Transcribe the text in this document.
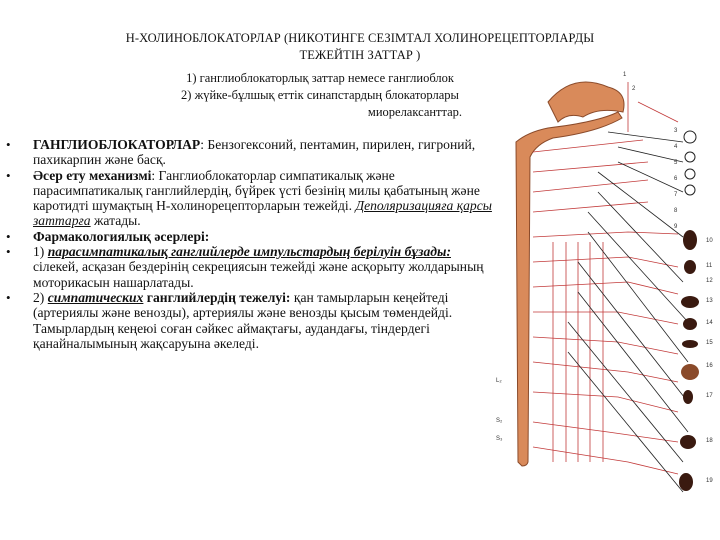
Н-ХОЛИНОБЛОКАТОРЛАР (НИКОТИНГЕ СЕЗІМТАЛ ХОЛИНОРЕЦЕПТОРЛАРДЫ
ТЕЖЕЙТІН ЗАТТАР )
1) ганглиоблокаторлық заттар немесе ганглиоблок
2) жүйке-бұлшық еттік синапстардың блокаторлары
миорелаксанттар.
• ГАНГЛИОБЛОКАТОРЛАР: Бензогексоний, пентамин, пирилен, гигроний, пахикарпин және басқ.
• Әсер ету механизмі: Ганглиоблокаторлар симпатикалық және парасимпатикалық ганглийлердің, бүйрек үсті безінің милы қабатының және каротидті шумақтың Н-холинорецепторларын тежейді. Деполяризацияға қарсы заттарға жатады.
• Фармакологиялық әсерлері:
• 1) парасимпатикалық ганглийлерде импульстардың берілуін бұзады: сілекей, асқазан бездерінің секрециясын тежейді және асқорыту жолдарының моторикасын нашарлатады.
• 2) симпатических ганглийлердің тежелуі: қан тамырларын кеңейтеді (артериялы және венозды), артериялы және венозды қысым төмендейді. Тамырлардың кеңеюі соған сәйкес аймақтағы, аудандағы, тіндердегі қанайналымының жақсаруына әкеледі.
1
2
3
4
5
6
7
8
9
10
11
12
13
14
15
16
17
18
19
L₂
S₂
S₃
